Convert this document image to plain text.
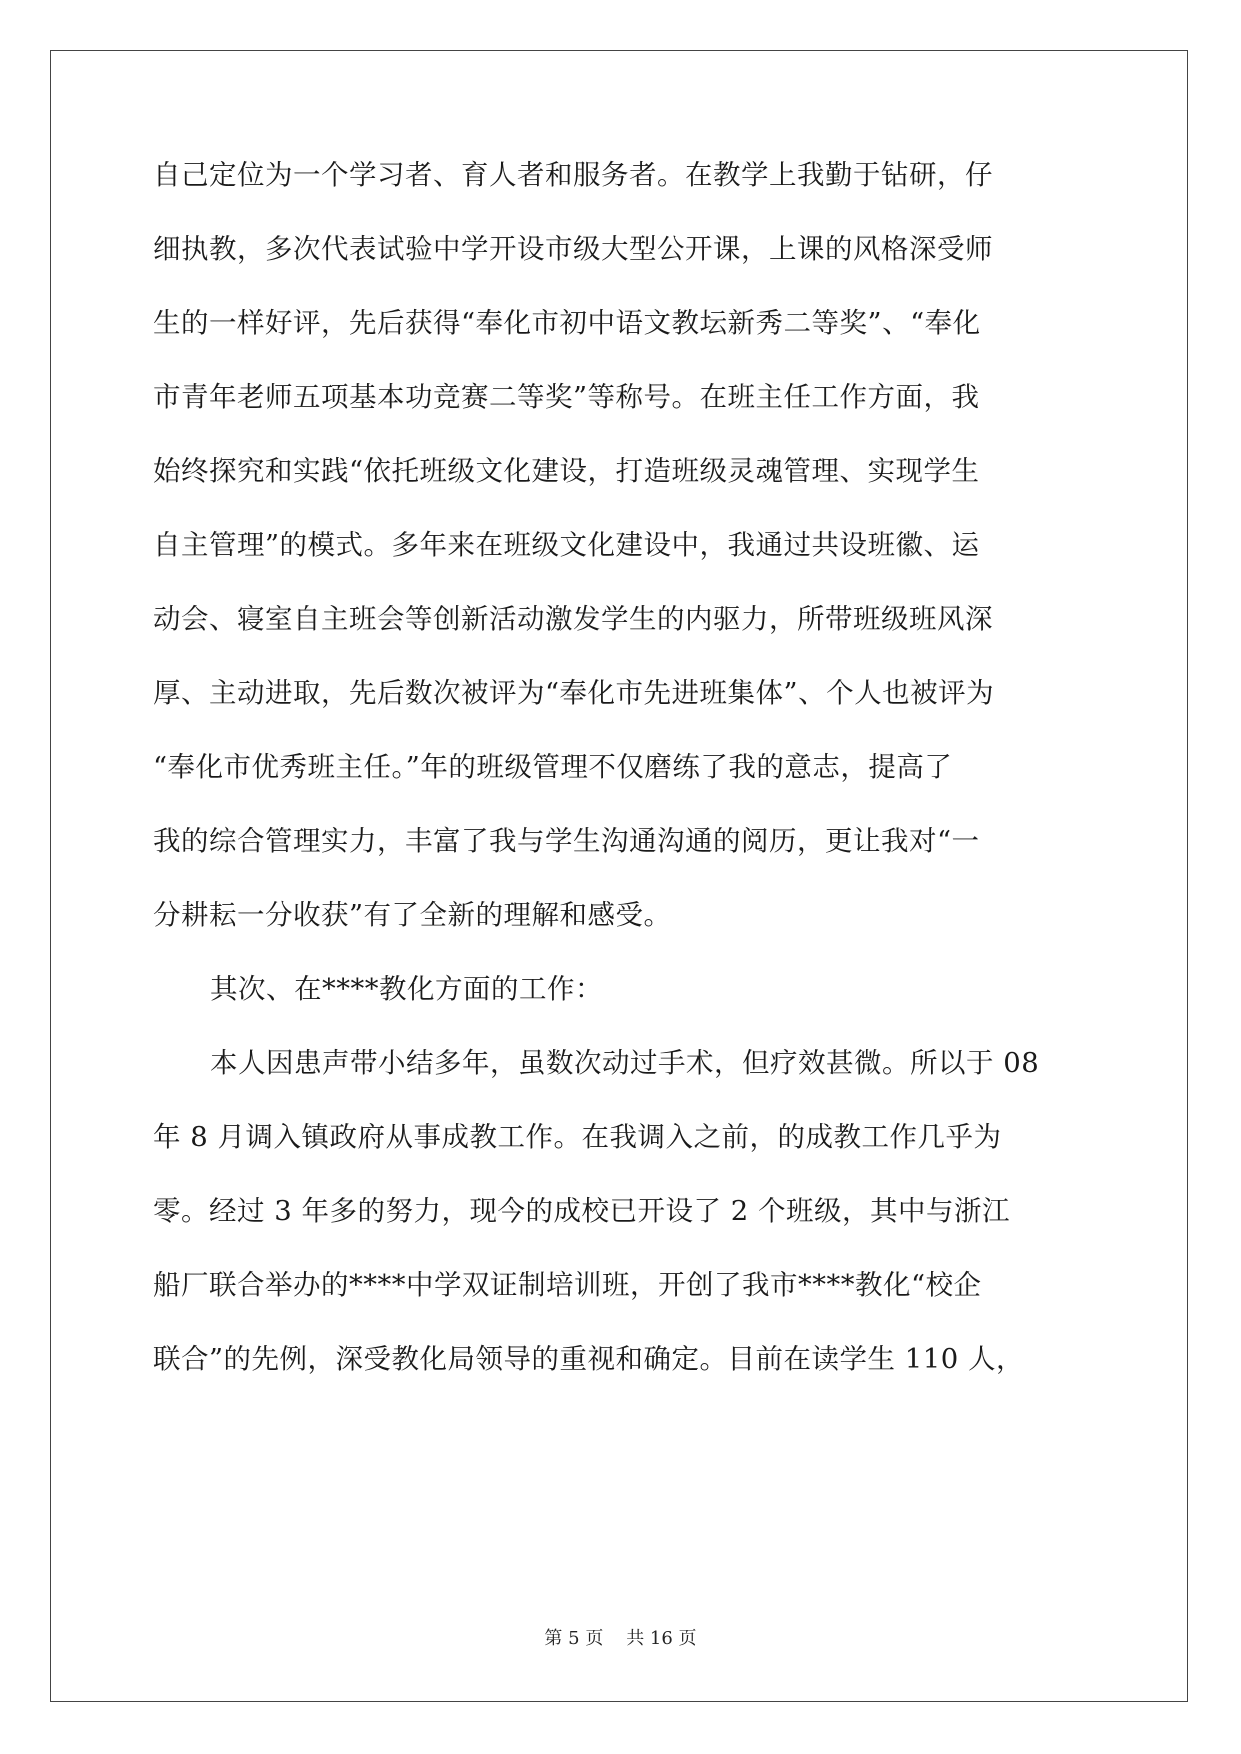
自己定位为一个学习者、育人者和服务者。在教学上我勤于钻研，仔
细执教，多次代表试验中学开设市级大型公开课，上课的风格深受师
生的一样好评，先后获得“奉化市初中语文教坛新秀二等奖”、“奉化
市青年老师五项基本功竞赛二等奖”等称号。在班主任工作方面，我
始终探究和实践“依托班级文化建设，打造班级灵魂管理、实现学生
自主管理”的模式。多年来在班级文化建设中，我通过共设班徽、运
动会、寝室自主班会等创新活动激发学生的内驱力，所带班级班风深
厚、主动进取，先后数次被评为“奉化市先进班集体”、个人也被评为
“奉化市优秀班主任。”年的班级管理不仅磨练了我的意志，提高了
我的综合管理实力，丰富了我与学生沟通沟通的阅历，更让我对“一
分耕耘一分收获”有了全新的理解和感受。
其次、在****教化方面的工作：
本人因患声带小结多年，虽数次动过手术，但疗效甚微。所以于 08
年 8 月调入镇政府从事成教工作。在我调入之前，的成教工作几乎为
零。经过 3 年多的努力，现今的成校已开设了 2 个班级，其中与浙江
船厂联合举办的****中学双证制培训班，开创了我市****教化“校企
联合”的先例，深受教化局领导的重视和确定。目前在读学生 110 人，
第 5 页    共 16 页
